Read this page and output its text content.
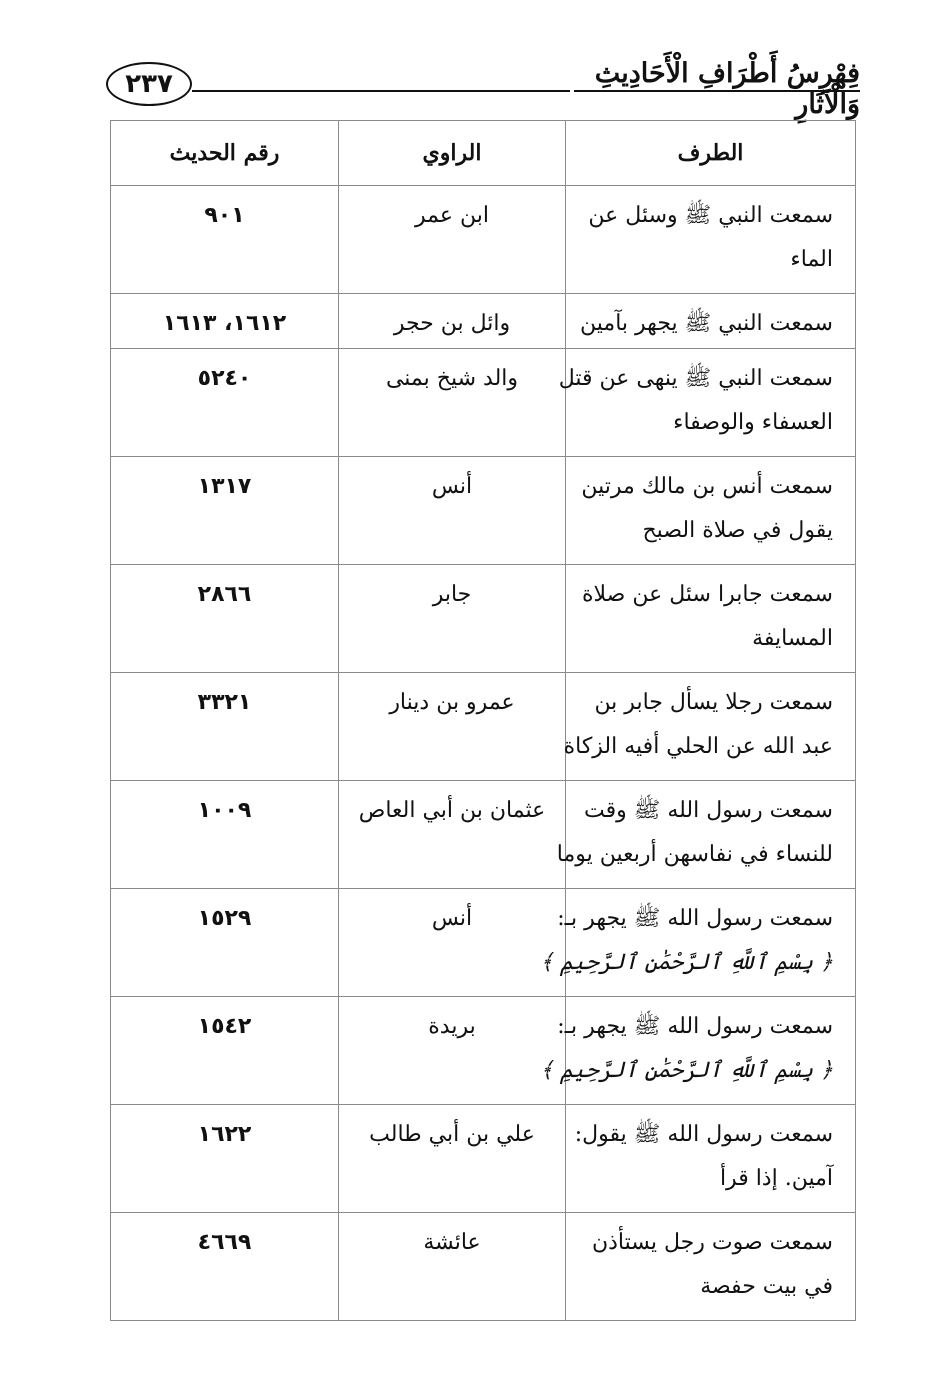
٢٣٧	فِهْرِسُ أَطْرَافِ الْأَحَادِيثِ وَالْآثَارِ
الطرف	الراوي	رقم الحديث

سمعت النبي ﷺ وسئل عن
الماء	ابن عمر	٩٠١

سمعت النبي ﷺ يجهر بآمين	وائل بن حجر	١٦١٢، ١٦١٣

سمعت النبي ﷺ ينهى عن قتل
العسفاء والوصفاء	والد شيخ بمنى	٥٢٤٠

سمعت أنس بن مالك مرتين
يقول في صلاة الصبح	أنس	١٣١٧

سمعت جابرا سئل عن صلاة
المسايفة	جابر	٢٨٦٦

سمعت رجلا يسأل جابر بن
عبد الله عن الحلي أفيه الزكاة	عمرو بن دينار	٣٣٢١

سمعت رسول الله ﷺ وقت
للنساء في نفاسهن أربعين يوما	عثمان بن أبي العاص	١٠٠٩

سمعت رسول الله ﷺ يجهر بـ:
﴿ بِسْمِ ٱللَّهِ ٱلرَّحْمَٰنِ ٱلرَّحِيمِ ﴾	أنس	١٥٢٩

سمعت رسول الله ﷺ يجهر بـ:
﴿ بِسْمِ ٱللَّهِ ٱلرَّحْمَٰنِ ٱلرَّحِيمِ ﴾	بريدة	١٥٤٢

سمعت رسول الله ﷺ يقول:
آمين. إذا قرأ	علي بن أبي طالب	١٦٢٢

سمعت صوت رجل يستأذن
في بيت حفصة	عائشة	٤٦٦٩
